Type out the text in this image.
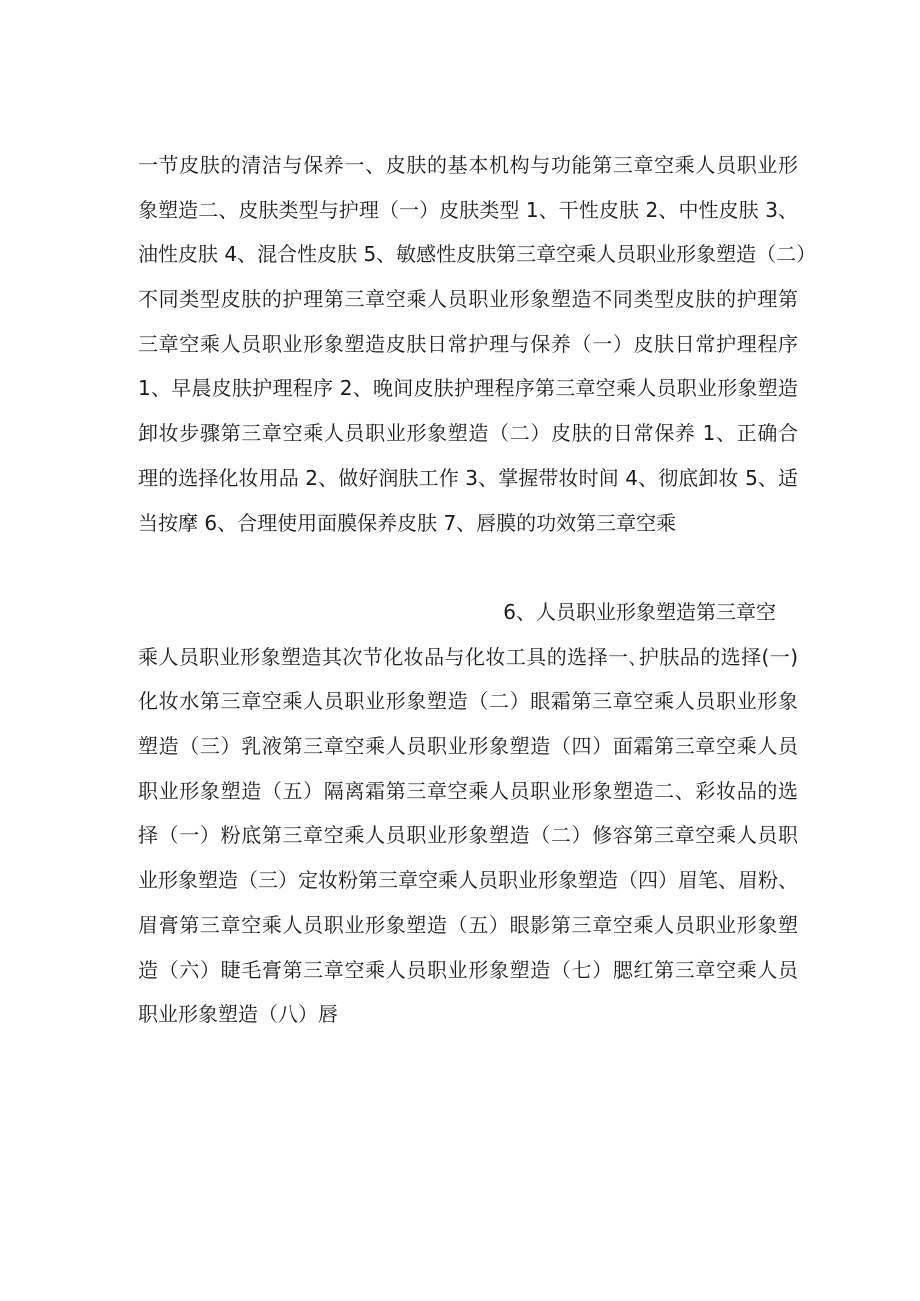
一节皮肤的清洁与保养一、皮肤的基本机构与功能第三章空乘人员职业形
象塑造二、皮肤类型与护理（一）皮肤类型 1、干性皮肤 2、中性皮肤 3、
油性皮肤 4、混合性皮肤 5、敏感性皮肤第三章空乘人员职业形象塑造（二）
不同类型皮肤的护理第三章空乘人员职业形象塑造不同类型皮肤的护理第
三章空乘人员职业形象塑造皮肤日常护理与保养（一）皮肤日常护理程序
1、早晨皮肤护理程序 2、晚间皮肤护理程序第三章空乘人员职业形象塑造
卸妆步骤第三章空乘人员职业形象塑造（二）皮肤的日常保养 1、正确合
理的选择化妆用品 2、做好润肤工作 3、掌握带妆时间 4、彻底卸妆 5、适
当按摩 6、合理使用面膜保养皮肤 7、唇膜的功效第三章空乘
6、人员职业形象塑造第三章空
乘人员职业形象塑造其次节化妆品与化妆工具的选择一､护肤品的选择(一)
化妆水第三章空乘人员职业形象塑造（二）眼霜第三章空乘人员职业形象
塑造（三）乳液第三章空乘人员职业形象塑造（四）面霜第三章空乘人员
职业形象塑造（五）隔离霜第三章空乘人员职业形象塑造二、彩妆品的选
择（一）粉底第三章空乘人员职业形象塑造（二）修容第三章空乘人员职
业形象塑造（三）定妆粉第三章空乘人员职业形象塑造（四）眉笔、眉粉、
眉膏第三章空乘人员职业形象塑造（五）眼影第三章空乘人员职业形象塑
造（六）睫毛膏第三章空乘人员职业形象塑造（七）腮红第三章空乘人员
职业形象塑造（八）唇
